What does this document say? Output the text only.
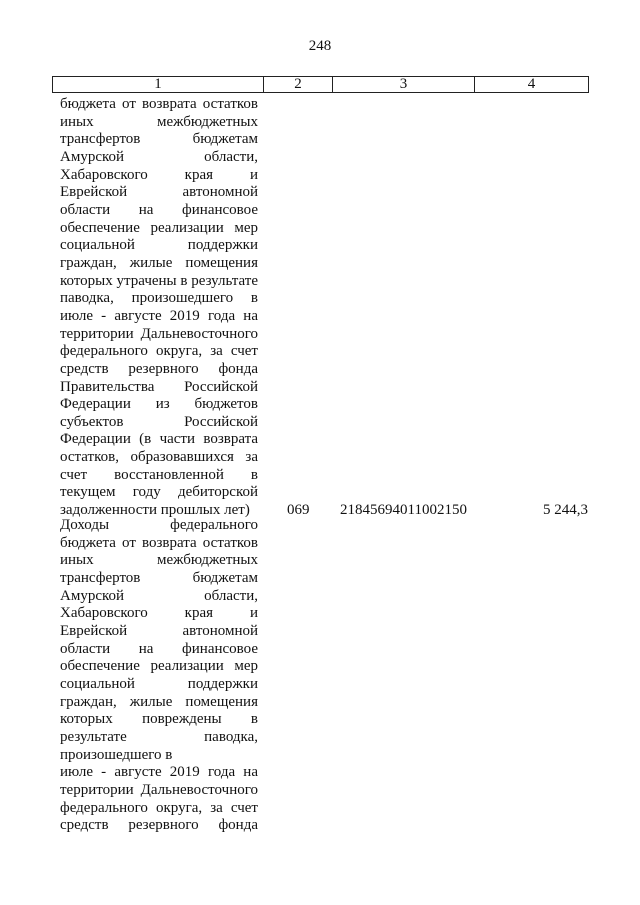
248
1	2	3	4
бюджета от возврата остатков
иных межбюджетных
трансфертов бюджетам
Амурской области,
Хабаровского края и
Еврейской автономной
области на финансовое
обеспечение реализации мер
социальной поддержки
граждан, жилые помещения
которых утрачены в результате
паводка, произошедшего в
июле - августе 2019 года на
территории Дальневосточного
федерального округа, за счет
средств резервного фонда
Правительства Российской
Федерации из бюджетов
субъектов Российской
Федерации (в части возврата
остатков, образовавшихся за
счет восстановленной в
текущем году дебиторской
задолженности прошлых лет)	069 21845694011002150	5 244,3
Доходы федерального
бюджета от возврата остатков
иных межбюджетных
трансфертов бюджетам
Амурской области,
Хабаровского края и
Еврейской автономной
области на финансовое
обеспечение реализации мер
социальной поддержки
граждан, жилые помещения
которых повреждены в
результате паводка,
произошедшего в
июле - августе 2019 года на
территории Дальневосточного
федерального округа, за счет
средств резервного фонда
